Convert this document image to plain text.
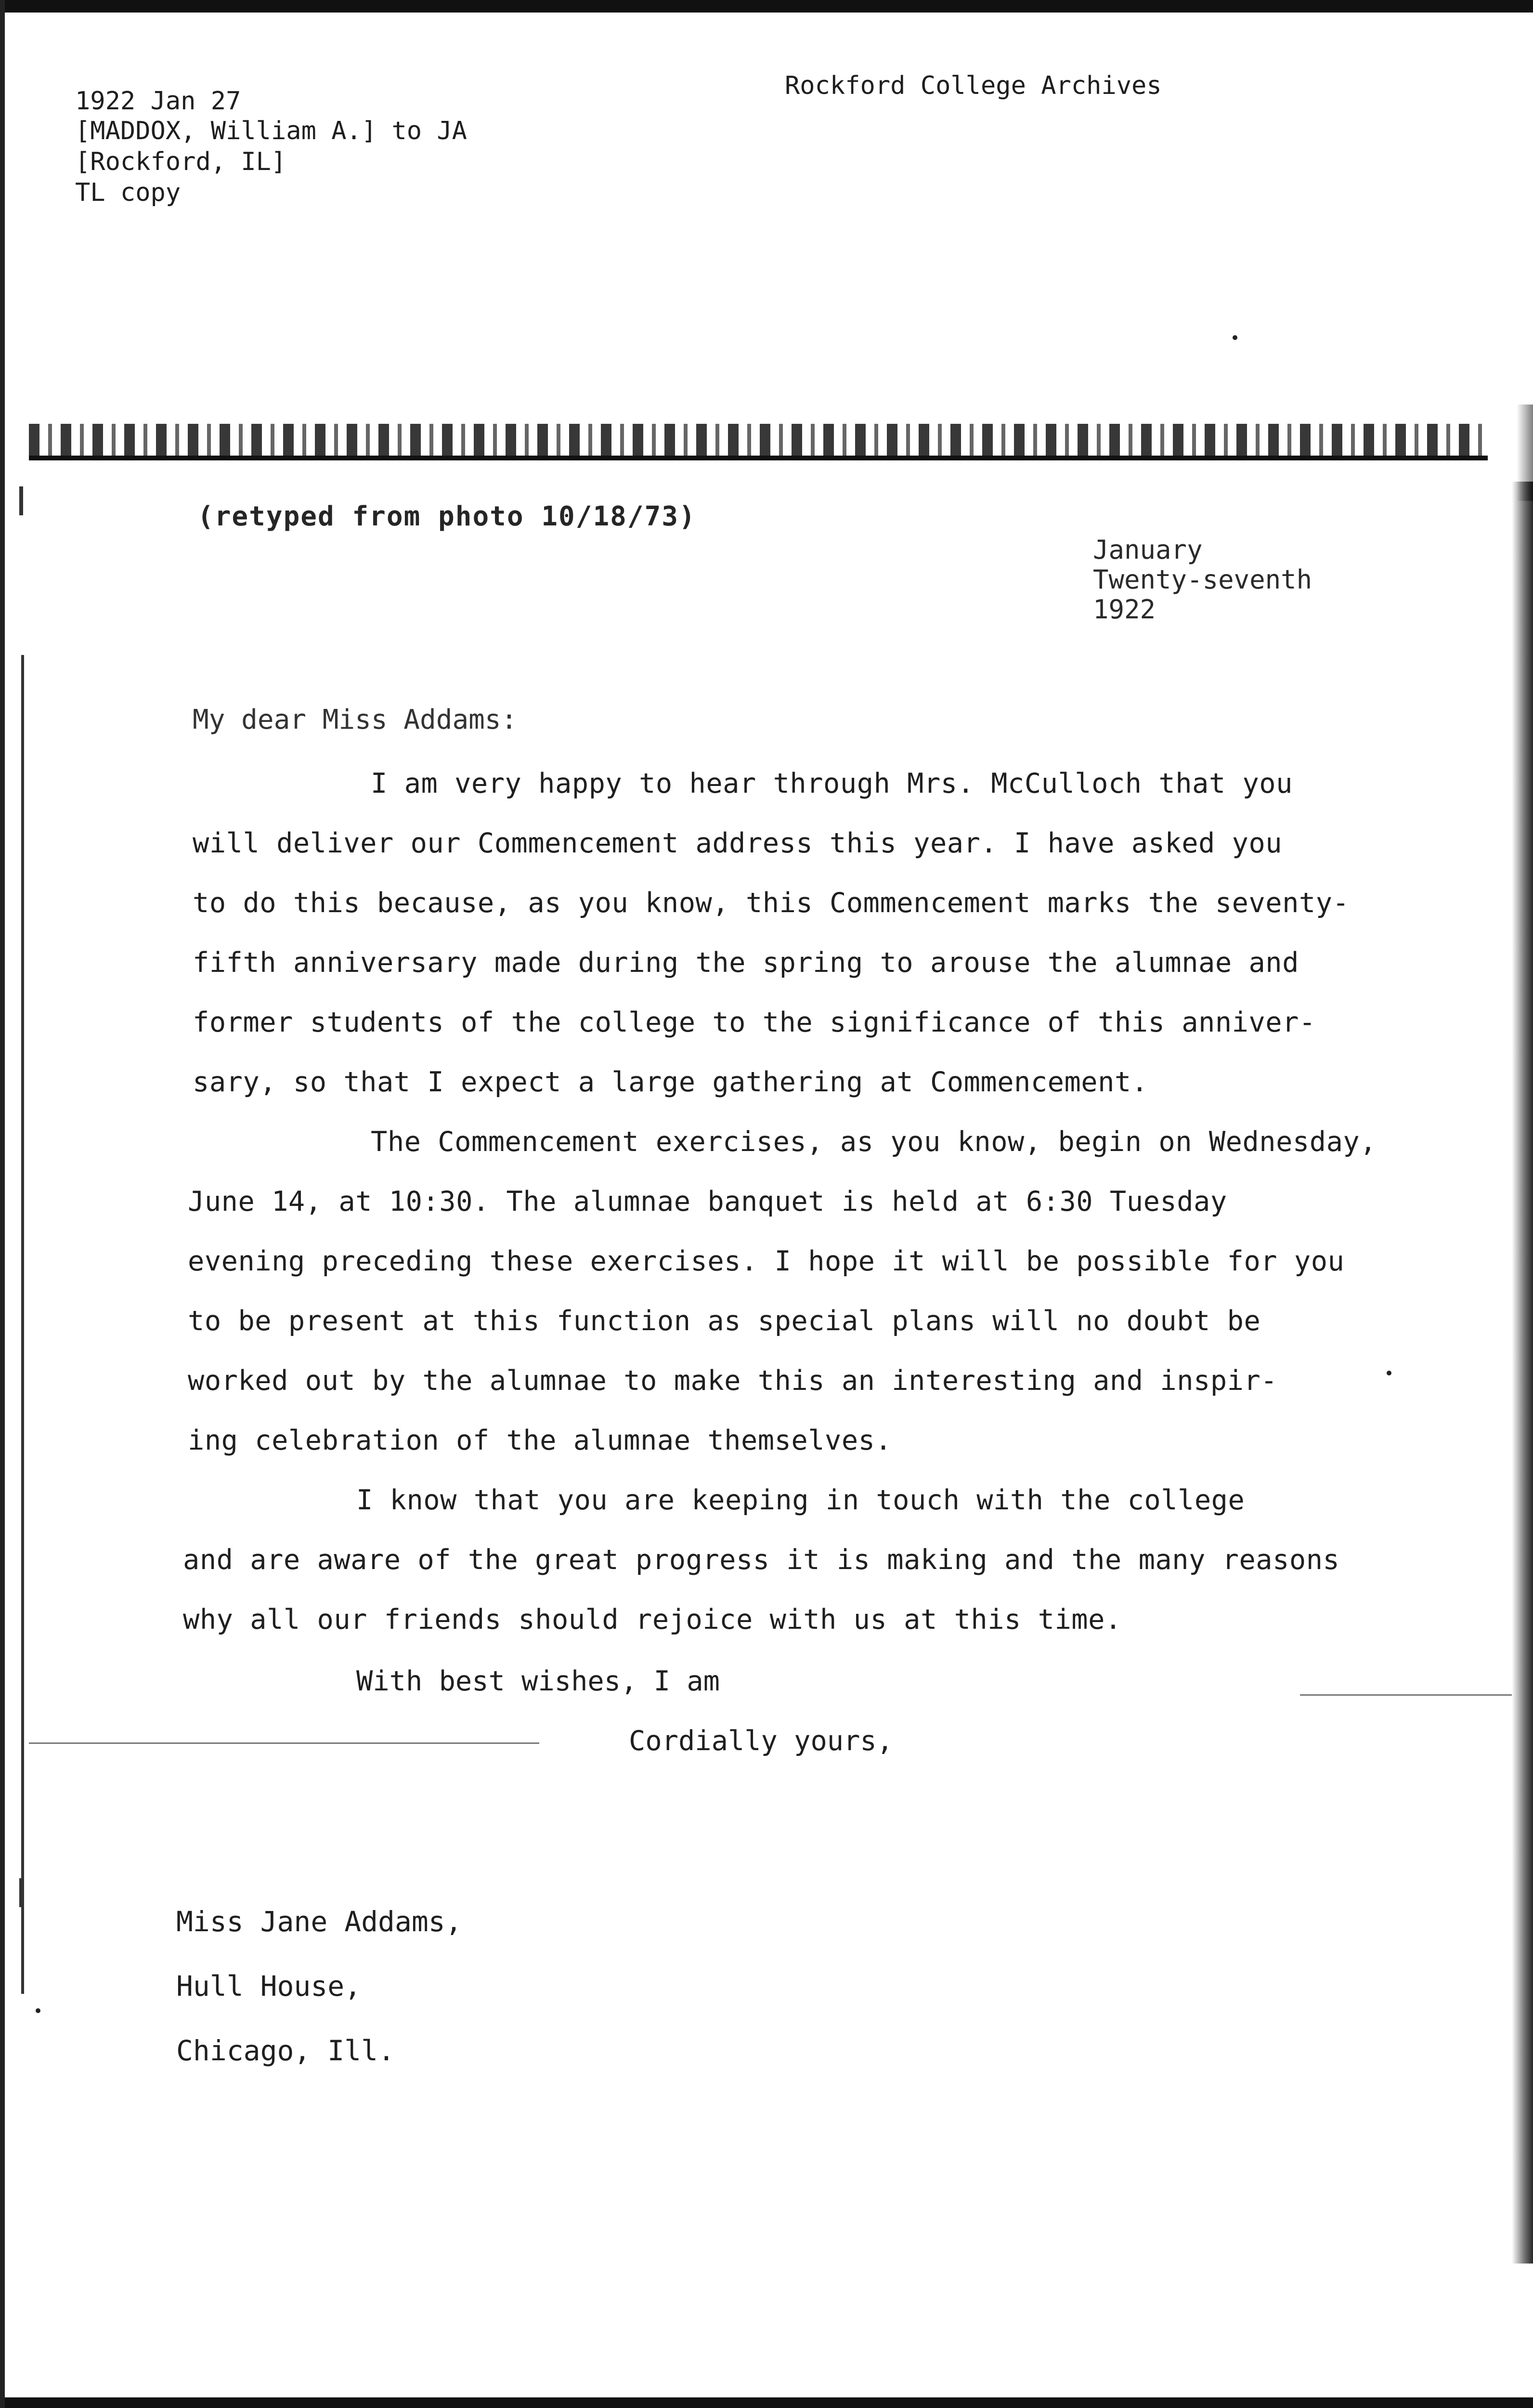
1922 Jan 27
[MADDOX, William A.] to JA
[Rockford, IL]
TL copy
Rockford College Archives
(retyped from photo 10/18/73)
January
Twenty-seventh
1922
My dear Miss Addams:
I am very happy to hear through Mrs. McCulloch that you
will deliver our Commencement address this year. I have asked you
to do this because, as you know, this Commencement marks the seventy-
fifth anniversary made during the spring to arouse the alumnae and
former students of the college to the significance of this anniver-
sary, so that I expect a large gathering at Commencement.
The Commencement exercises, as you know, begin on Wednesday,
June 14, at 10:30. The alumnae banquet is held at 6:30 Tuesday
evening preceding these exercises. I hope it will be possible for you
to be present at this function as special plans will no doubt be
worked out by the alumnae to make this an interesting and inspir-
ing celebration of the alumnae themselves.
I know that you are keeping in touch with the college
and are aware of the great progress it is making and the many reasons
why all our friends should rejoice with us at this time.
With best wishes, I am
Cordially yours,
Miss Jane Addams,
Hull House,
Chicago, Ill.
